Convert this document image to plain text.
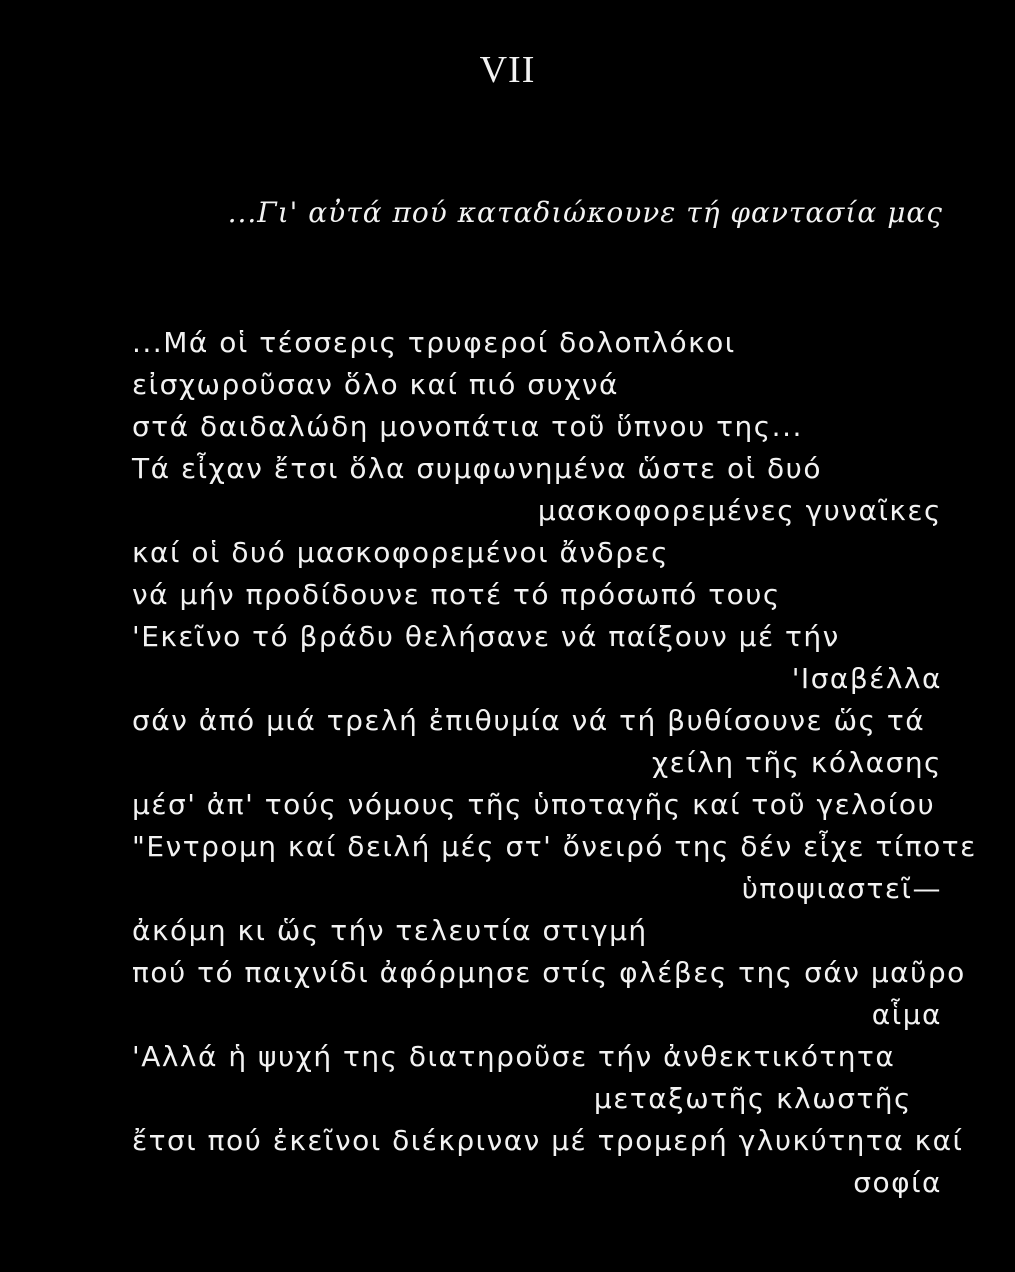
VII
...Γι' αὐτά πού καταδιώκουνε τή φαντασία μας
...Μά οἱ τέσσερις τρυφεροί δολοπλόκοι
εἰσχωροῦσαν ὅλο καί πιό συχνά
στά δαιδαλώδη μονοπάτια τοῦ ὕπνου της...
Τά εἶχαν ἔτσι ὅλα συμφωνημένα ὥστε οἱ δυό
μασκοφορεμένες γυναῖκες
καί οἱ δυό μασκοφορεμένοι ἄνδρες
νά μήν προδίδουνε ποτέ τό πρόσωπό τους
'Εκεῖνο τό βράδυ θελήσανε νά παίξουν μέ τήν
'Ισαβέλλα
σάν ἀπό μιά τρελή ἐπιθυμία νά τή βυθίσουνε ὥς τά
χείλη τῆς κόλασης
μέσ' ἀπ' τούς νόμους τῆς ὑποταγῆς καί τοῦ γελοίου
"Εντρομη καί δειλή μές στ' ὄνειρό της δέν εἶχε τίποτε
ὑποψιαστεῖ—
ἀκόμη κι ὥς τήν τελευτία στιγμή
πού τό παιχνίδι ἀφόρμησε στίς φλέβες της σάν μαῦρο
αἷμα
'Αλλά ἡ ψυχή της διατηροῦσε τήν ἀνθεκτικότητα
μεταξωτῆς κλωστῆς
ἔτσι πού ἐκεῖνοι διέκριναν μέ τρομερή γλυκύτητα καί
σοφία
